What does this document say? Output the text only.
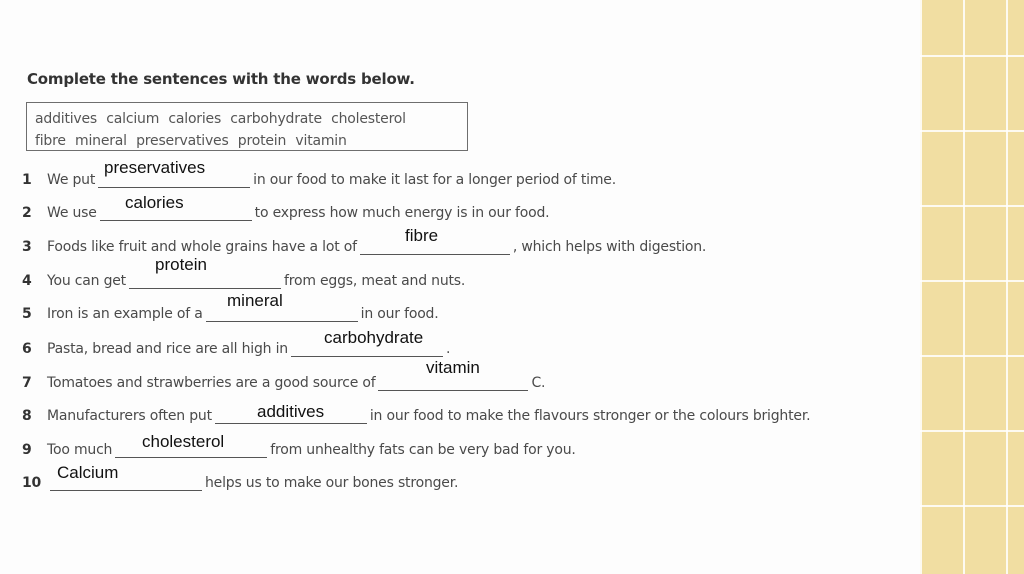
Complete the sentences with the words below.
additives calcium calories carbohydrate cholesterol
fibre mineral preservatives protein vitamin
1 We put	in our food to make it last for a longer period of time.
preservatives
2 We use	to express how much energy is in our food.
calories
3 Foods like fruit and whole grains have a lot of	, which helps with digestion.
fibre
4 You can get	from eggs, meat and nuts.
protein
5 Iron is an example of a	in our food.
mineral
6 Pasta, bread and rice are all high in	.
carbohydrate
7 Tomatoes and strawberries are a good source of	C.
vitamin
8 Manufacturers often put	in our food to make the flavours stronger or the colours brighter.
additives
9 Too much	from unhealthy fats can be very bad for you.
cholesterol
10	helps us to make our bones stronger.
Calcium
